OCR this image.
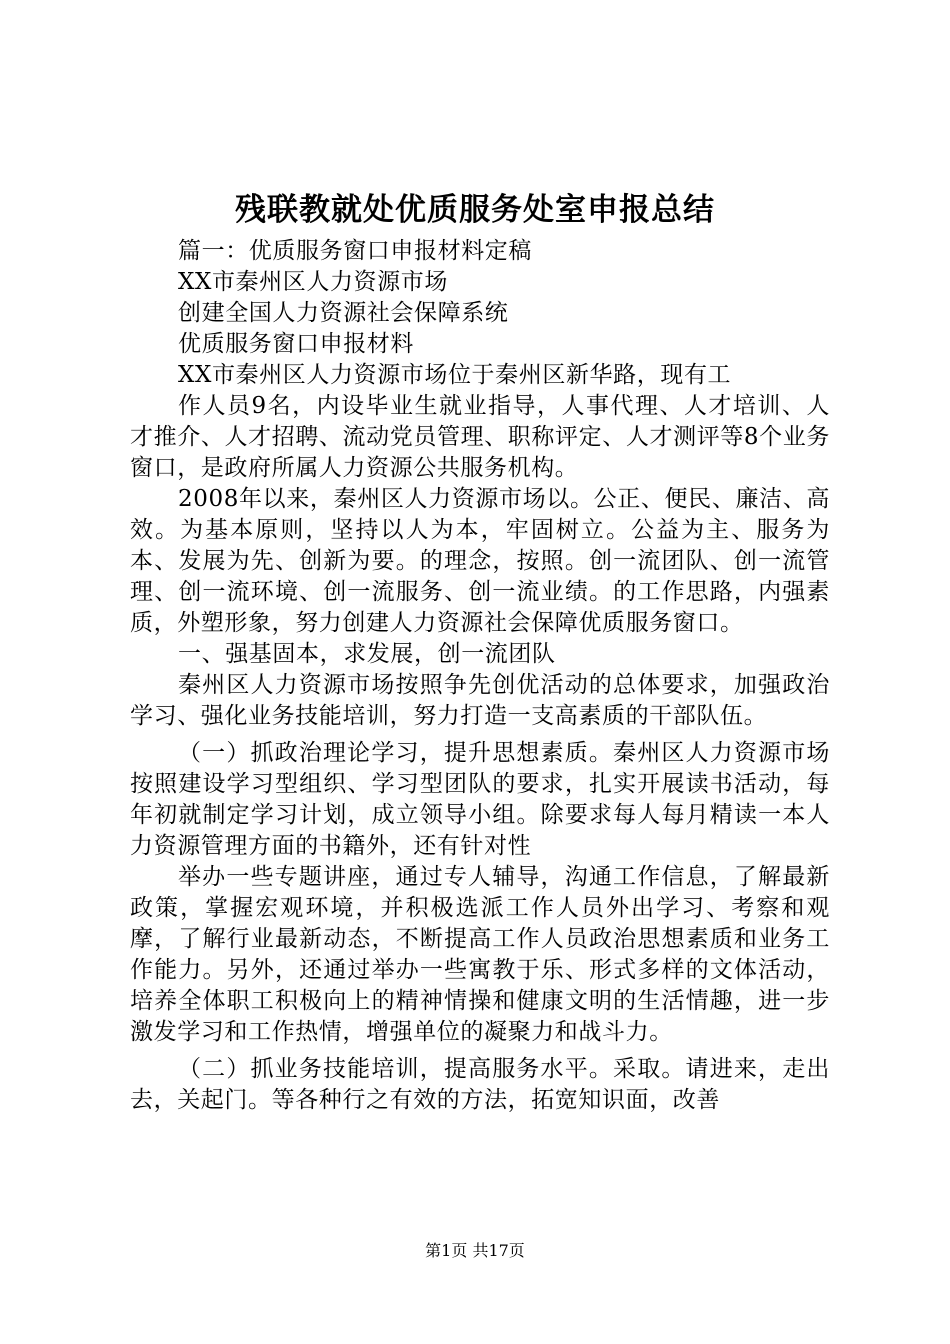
残联教就处优质服务处室申报总结

篇一：优质服务窗口申报材料定稿

XX市秦州区人力资源市场

创建全国人力资源社会保障系统

优质服务窗口申报材料

XX市秦州区人力资源市场位于秦州区新华路，现有工

作人员9名，内设毕业生就业指导，人事代理、人才培训、人才推介、人才招聘、流动党员管理、职称评定、人才测评等8个业务窗口，是政府所属人力资源公共服务机构。

2008年以来，秦州区人力资源市场以。公正、便民、廉洁、高效。为基本原则，坚持以人为本，牢固树立。公益为主、服务为本、发展为先、创新为要。的理念，按照。创一流团队、创一流管理、创一流环境、创一流服务、创一流业绩。的工作思路，内强素质，外塑形象，努力创建人力资源社会保障优质服务窗口。

一、强基固本，求发展，创一流团队

秦州区人力资源市场按照争先创优活动的总体要求，加强政治学习、强化业务技能培训，努力打造一支高素质的干部队伍。

（一）抓政治理论学习，提升思想素质。秦州区人力资源市场按照建设学习型组织、学习型团队的要求，扎实开展读书活动，每年初就制定学习计划，成立领导小组。除要求每人每月精读一本人力资源管理方面的书籍外，还有针对性

举办一些专题讲座，通过专人辅导，沟通工作信息，了解最新政策，掌握宏观环境，并积极选派工作人员外出学习、考察和观摩，了解行业最新动态，不断提高工作人员政治思想素质和业务工作能力。另外，还通过举办一些寓教于乐、形式多样的文体活动，培养全体职工积极向上的精神情操和健康文明的生活情趣，进一步激发学习和工作热情，增强单位的凝聚力和战斗力。

（二）抓业务技能培训，提高服务水平。采取。请进来，走出去，关起门。等各种行之有效的方法，拓宽知识面，改善

第1页 共17页
